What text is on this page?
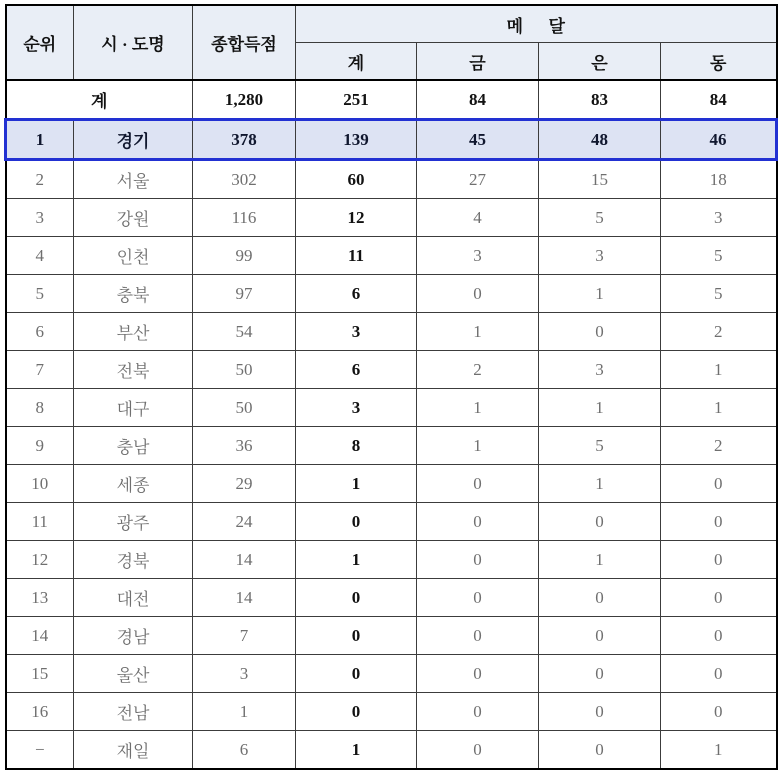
순위	시 · 도명	종합득점	메      달			
			계	금	은	동
계		1,280	251	84	83	84
1	경기	378	139	45	48	46
2	서울	302	60	27	15	18
3	강원	116	12	4	5	3
4	인천	99	11	3	3	5
5	충북	97	6	0	1	5
6	부산	54	3	1	0	2
7	전북	50	6	2	3	1
8	대구	50	3	1	1	1
9	충남	36	8	1	5	2
10	세종	29	1	0	1	0
11	광주	24	0	0	0	0
12	경북	14	1	0	1	0
13	대전	14	0	0	0	0
14	경남	7	0	0	0	0
15	울산	3	0	0	0	0
16	전남	1	0	0	0	0
−	재일	6	1	0	0	1
